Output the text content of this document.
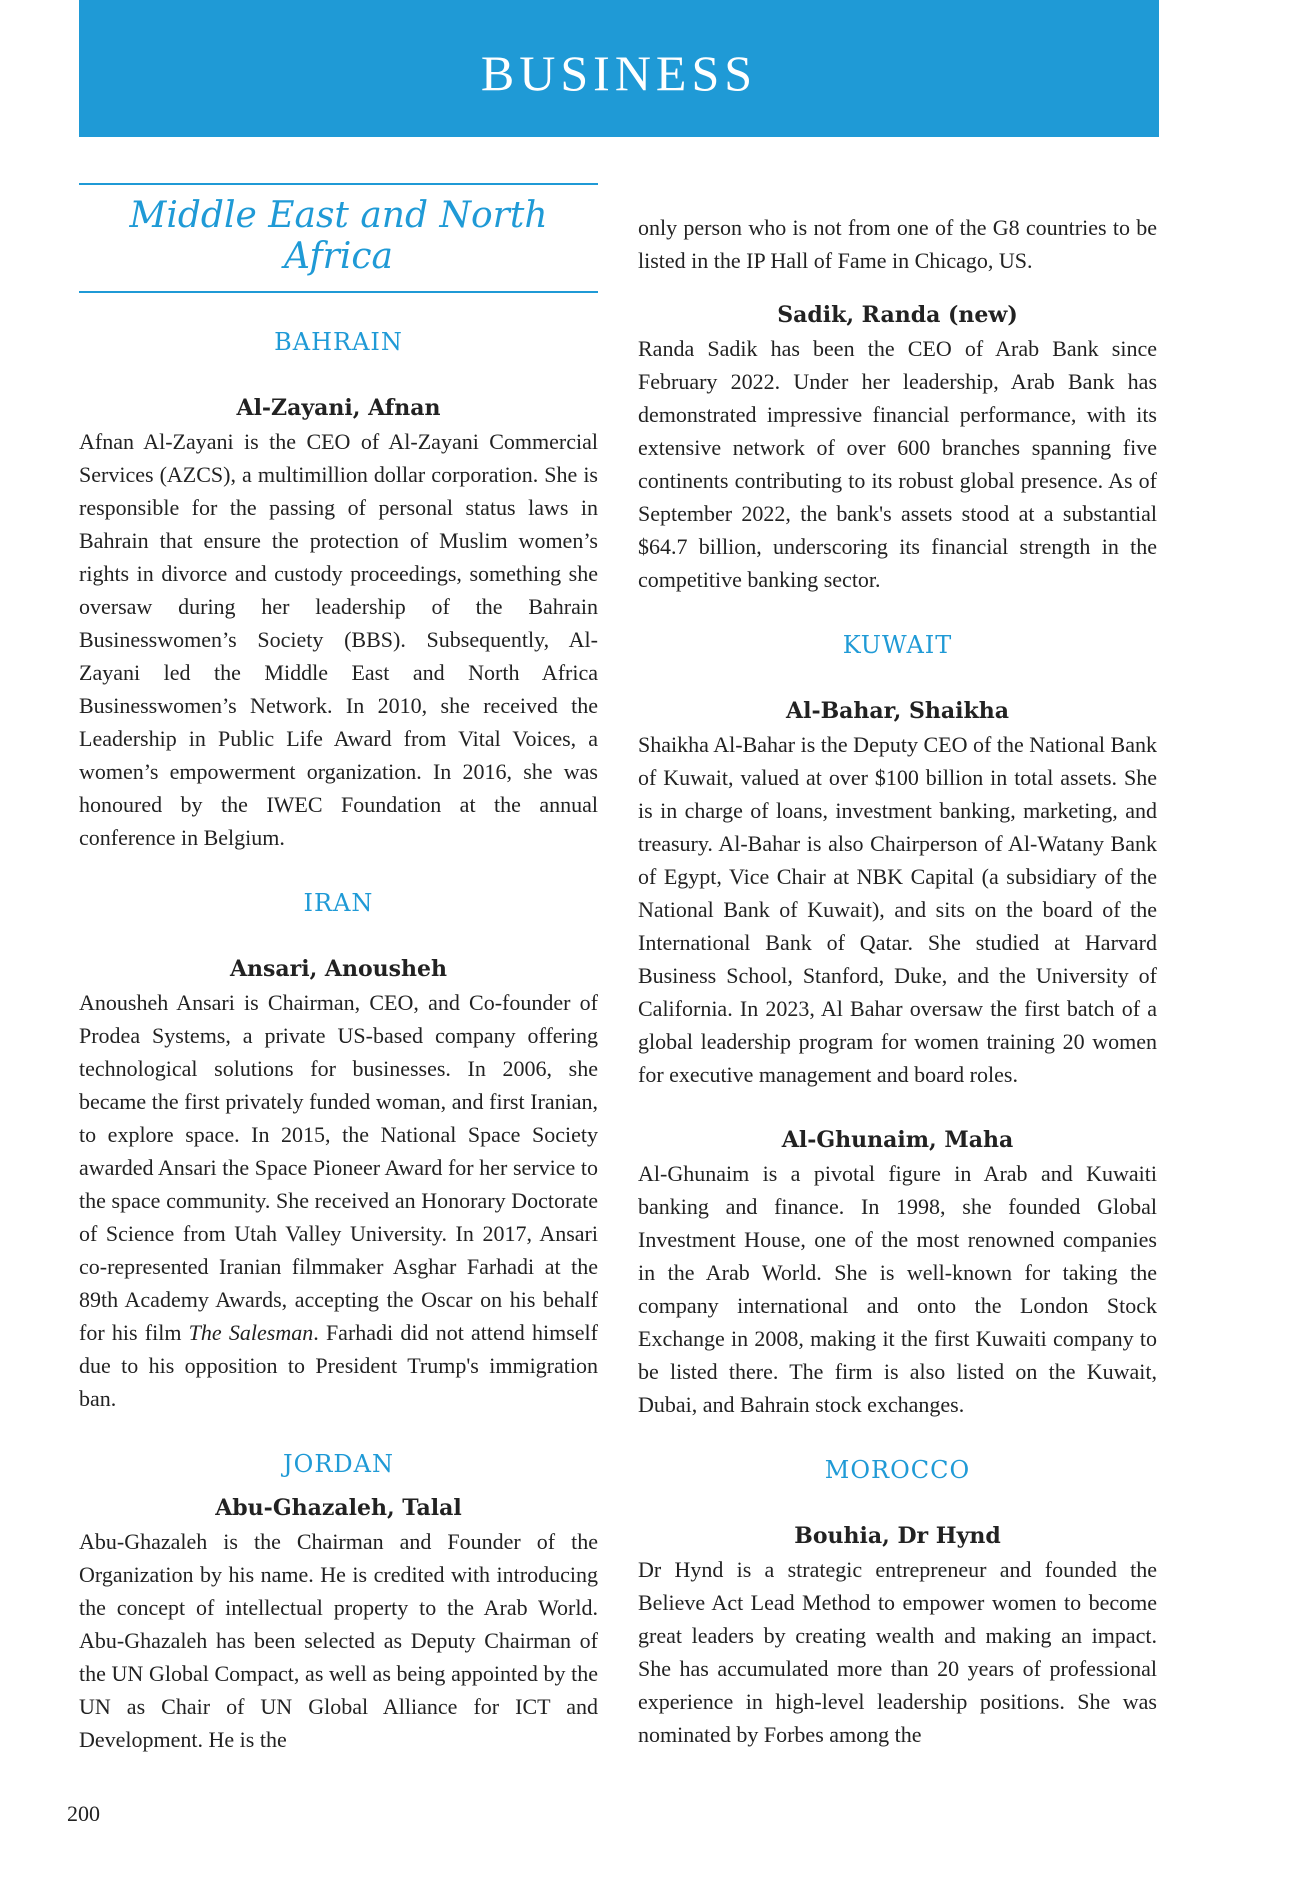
BUSINESS
Middle East and North Africa
BAHRAIN
Al-Zayani, Afnan

Afnan Al-Zayani is the CEO of Al-Zayani Commercial Services (AZCS), a multimillion dollar corporation. She is responsible for the passing of personal status laws in Bahrain that ensure the protection of Muslim women’s rights in divorce and custody proceedings, something she oversaw during her leadership of the Bahrain Businesswomen’s Society (BBS). Subsequently, Al-Zayani led the Middle East and North Africa Businesswomen’s Network. In 2010, she received the Leadership in Public Life Award from Vital Voices, a women’s empowerment organization. In 2016, she was honoured by the IWEC Foundation at the annual conference in Belgium.

IRAN
Ansari, Anousheh

Anousheh Ansari is Chairman, CEO, and Co-founder of Prodea Systems, a private US-based company offering technological solutions for businesses. In 2006, she became the first privately funded woman, and first Iranian, to explore space. In 2015, the National Space Society awarded Ansari the Space Pioneer Award for her service to the space community. She received an Honorary Doctorate of Science from Utah Valley University. In 2017, Ansari co-represented Iranian filmmaker Asghar Farhadi at the 89th Academy Awards, accepting the Oscar on his behalf for his film The Salesman. Farhadi did not attend himself due to his opposition to President Trump's immigration ban.

JORDAN
Abu-Ghazaleh, Talal

Abu-Ghazaleh is the Chairman and Founder of the Organization by his name. He is credited with introducing the concept of intellectual property to the Arab World. Abu-Ghazaleh has been selected as Deputy Chairman of the UN Global Compact, as well as being appointed by the UN as Chair of UN Global Alliance for ICT and Development. He is the

only person who is not from one of the G8 countries to be listed in the IP Hall of Fame in Chicago, US.

Sadik, Randa (new)

Randa Sadik has been the CEO of Arab Bank since February 2022. Under her leadership, Arab Bank has demonstrated impressive financial performance, with its extensive network of over 600 branches spanning five continents contributing to its robust global presence. As of September 2022, the bank's assets stood at a substantial $64.7 billion, underscoring its financial strength in the competitive banking sector.

KUWAIT
Al-Bahar, Shaikha

Shaikha Al-Bahar is the Deputy CEO of the National Bank of Kuwait, valued at over $100 billion in total assets. She is in charge of loans, investment banking, marketing, and treasury. Al-Bahar is also Chairperson of Al-Watany Bank of Egypt, Vice Chair at NBK Capital (a subsidiary of the National Bank of Kuwait), and sits on the board of the International Bank of Qatar. She studied at Harvard Business School, Stanford, Duke, and the University of California. In 2023, Al Bahar oversaw the first batch of a global leadership program for women training 20 women for executive management and board roles.

Al-Ghunaim, Maha

Al-Ghunaim is a pivotal figure in Arab and Kuwaiti banking and finance. In 1998, she founded Global Investment House, one of the most renowned companies in the Arab World. She is well-known for taking the company international and onto the London Stock Exchange in 2008, making it the first Kuwaiti company to be listed there. The firm is also listed on the Kuwait, Dubai, and Bahrain stock exchanges.

MOROCCO
Bouhia, Dr Hynd

Dr Hynd is a strategic entrepreneur and founded the Believe Act Lead Method to empower women to become great leaders by creating wealth and making an impact. She has accumulated more than 20 years of professional experience in high-level leadership positions. She was nominated by Forbes among the

200
